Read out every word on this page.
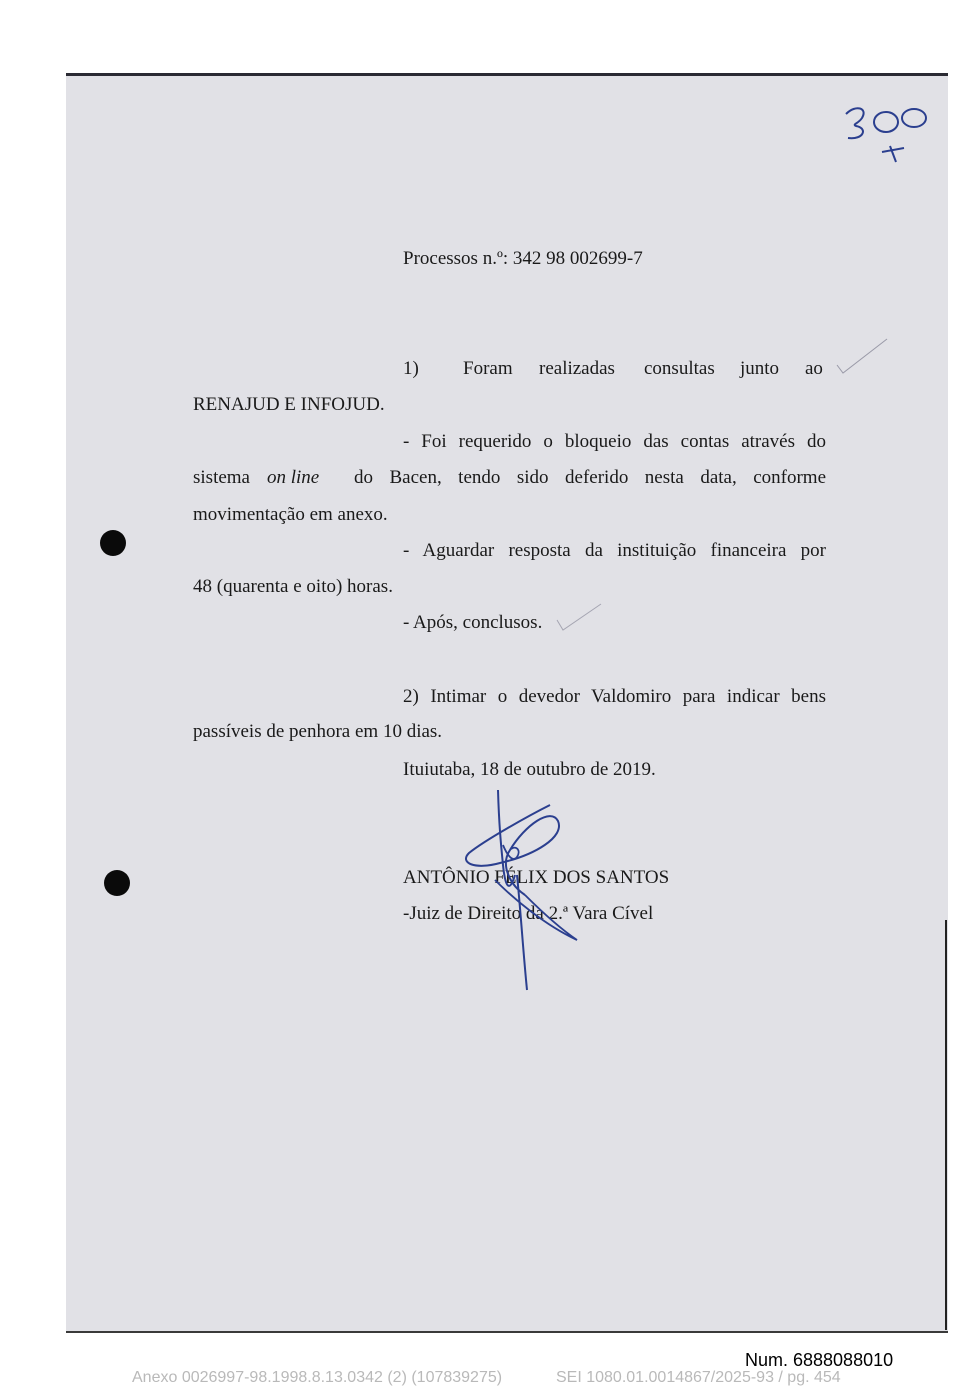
Processos n.º: 342 98 002699-7
1) Foram realizadas consultas junto ao
RENAJUD E INFOJUD.
- Foi requerido o bloqueio das contas através do
sistema on line do Bacen, tendo sido deferido nesta data, conforme
movimentação em anexo.
- Aguardar resposta da instituição financeira por
48 (quarenta e oito) horas.
- Após, conclusos.
2) Intimar o devedor Valdomiro para indicar bens
passíveis de penhora em 10 dias.
Ituiutaba, 18 de outubro de 2019.
ANTÔNIO FÉLIX DOS SANTOS
-Juiz de Direito da 2.ª Vara Cível
Num. 6888088010
Anexo 0026997-98.1998.8.13.0342 (2) (107839275)	SEI 1080.01.0014867/2025-93 / pg. 454
